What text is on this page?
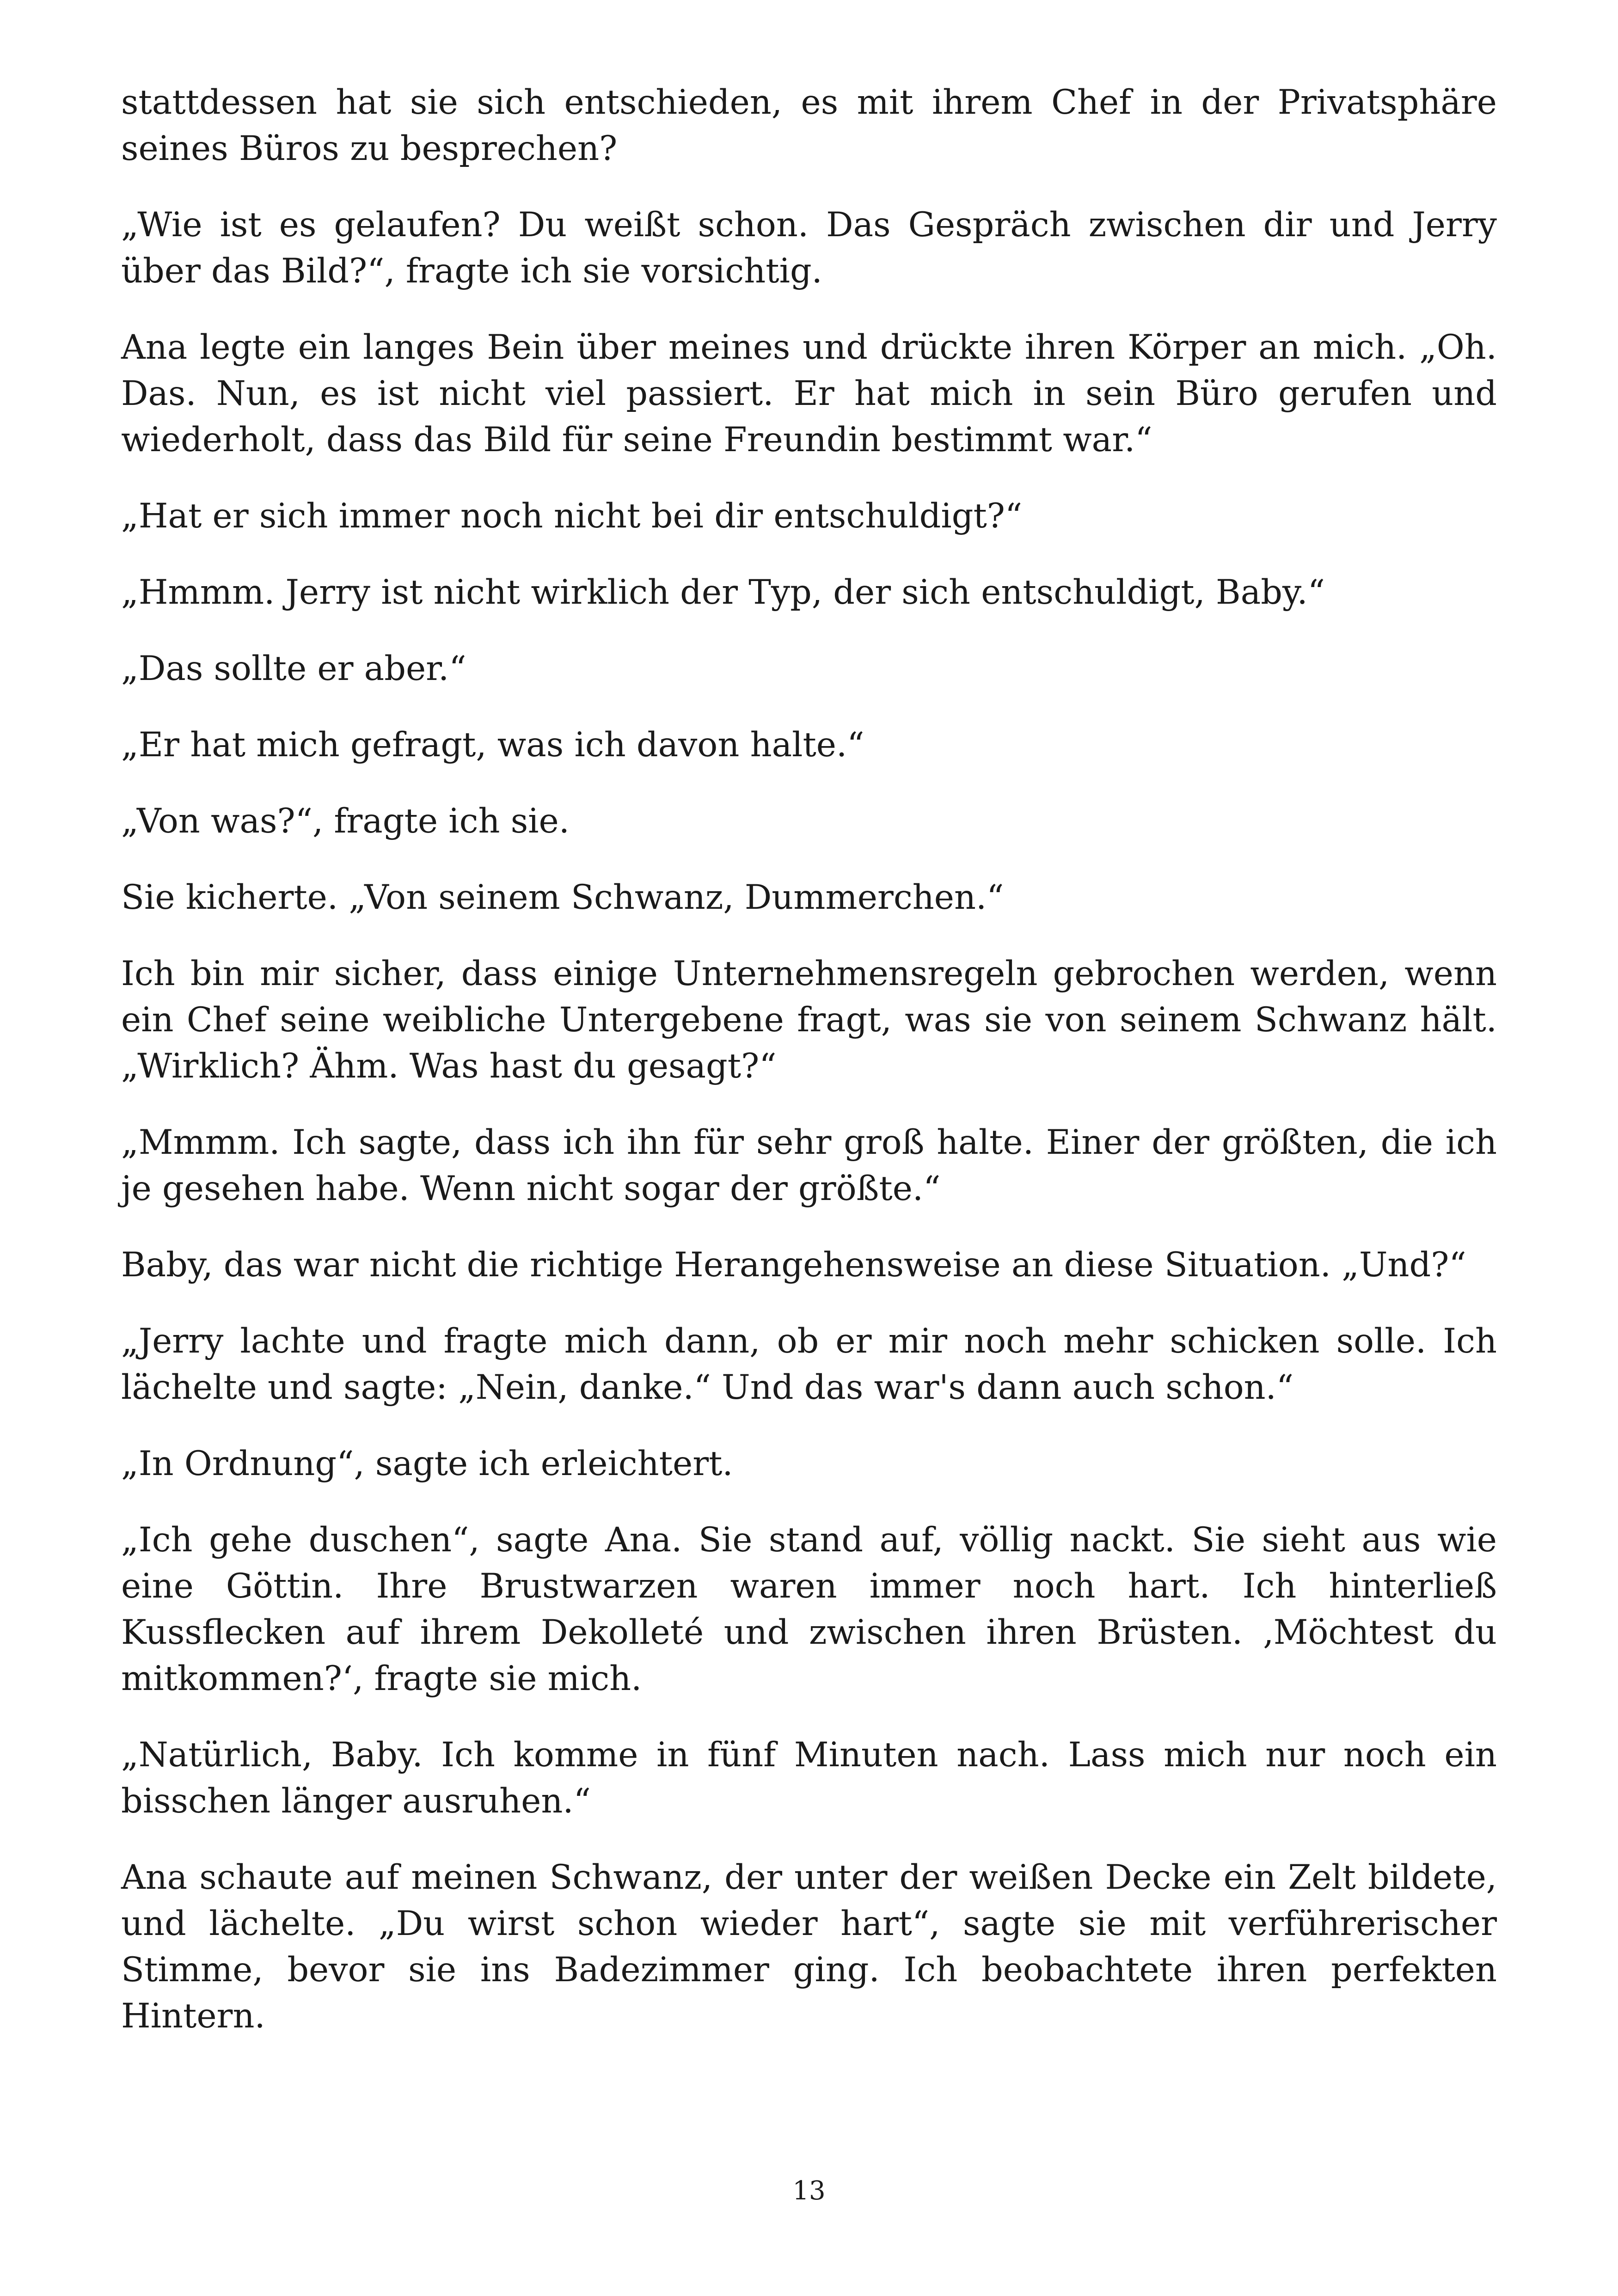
stattdessen hat sie sich entschieden, es mit ihrem Chef in der Privatsphäre seines Büros zu besprechen?

„Wie ist es gelaufen? Du weißt schon. Das Gespräch zwischen dir und Jerry über das Bild?“, fragte ich sie vorsichtig.

Ana legte ein langes Bein über meines und drückte ihren Körper an mich. „Oh. Das. Nun, es ist nicht viel passiert. Er hat mich in sein Büro gerufen und wiederholt, dass das Bild für seine Freundin bestimmt war.“

„Hat er sich immer noch nicht bei dir entschuldigt?“

„Hmmm. Jerry ist nicht wirklich der Typ, der sich entschuldigt, Baby.“

„Das sollte er aber.“

„Er hat mich gefragt, was ich davon halte.“

„Von was?“, fragte ich sie.

Sie kicherte. „Von seinem Schwanz, Dummerchen.“

Ich bin mir sicher, dass einige Unternehmensregeln gebrochen werden, wenn ein Chef seine weibliche Untergebene fragt, was sie von seinem Schwanz hält. „Wirklich? Ähm. Was hast du gesagt?“

„Mmmm. Ich sagte, dass ich ihn für sehr groß halte. Einer der größten, die ich je gesehen habe. Wenn nicht sogar der größte.“

Baby, das war nicht die richtige Herangehensweise an diese Situation. „Und?“

„Jerry lachte und fragte mich dann, ob er mir noch mehr schicken solle. Ich lächelte und sagte: „Nein, danke.“ Und das war's dann auch schon.“

„In Ordnung“, sagte ich erleichtert.

„Ich gehe duschen“, sagte Ana. Sie stand auf, völlig nackt. Sie sieht aus wie eine Göttin. Ihre Brustwarzen waren immer noch hart. Ich hinterließ Kussflecken auf ihrem Dekolleté und zwischen ihren Brüsten. ‚Möchtest du mitkommen?‘, fragte sie mich.

„Natürlich, Baby. Ich komme in fünf Minuten nach. Lass mich nur noch ein bisschen länger ausruhen.“

Ana schaute auf meinen Schwanz, der unter der weißen Decke ein Zelt bildete, und lächelte. „Du wirst schon wieder hart“, sagte sie mit verführerischer Stimme, bevor sie ins Badezimmer ging. Ich beobachtete ihren perfekten Hintern.

13
